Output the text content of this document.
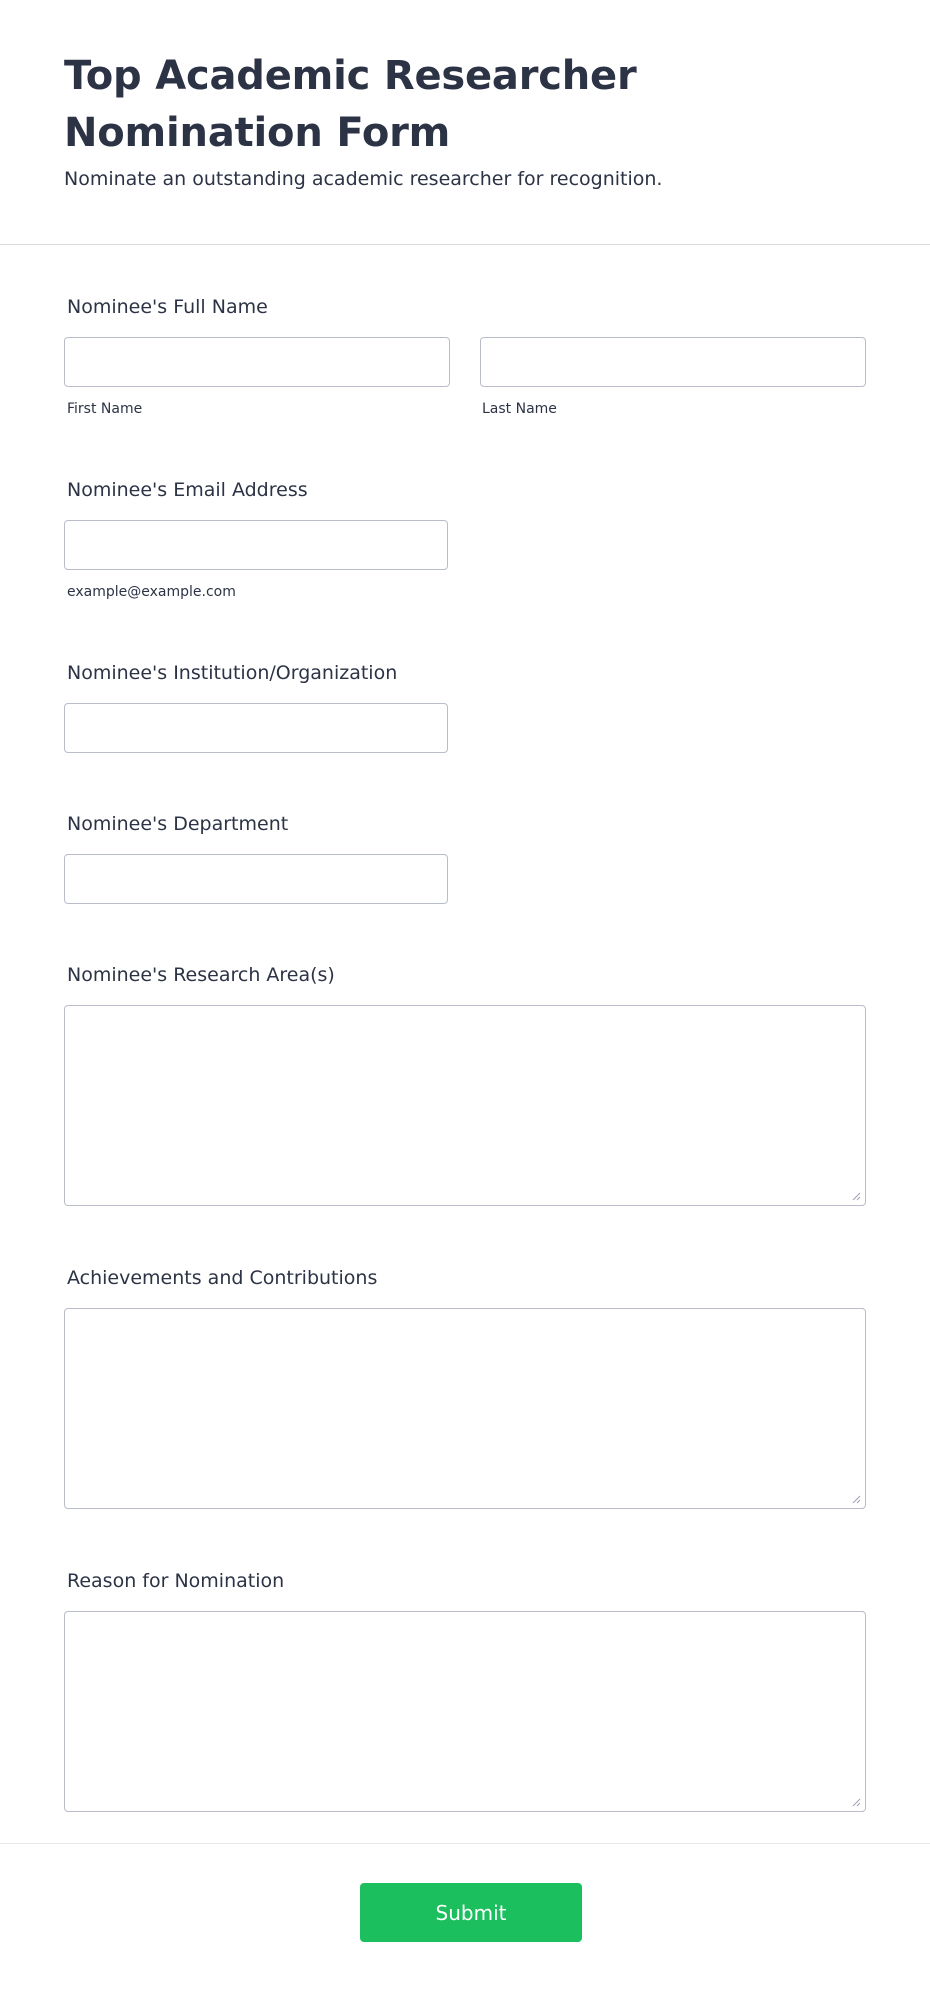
Top Academic Researcher Nomination Form

Nominate an outstanding academic researcher for recognition.

Nominee's Full Name
First Name	Last Name
Nominee's Email Address
example@example.com
Nominee's Institution/Organization
Nominee's Department
Nominee's Research Area(s)
Achievements and Contributions
Reason for Nomination
Submit
